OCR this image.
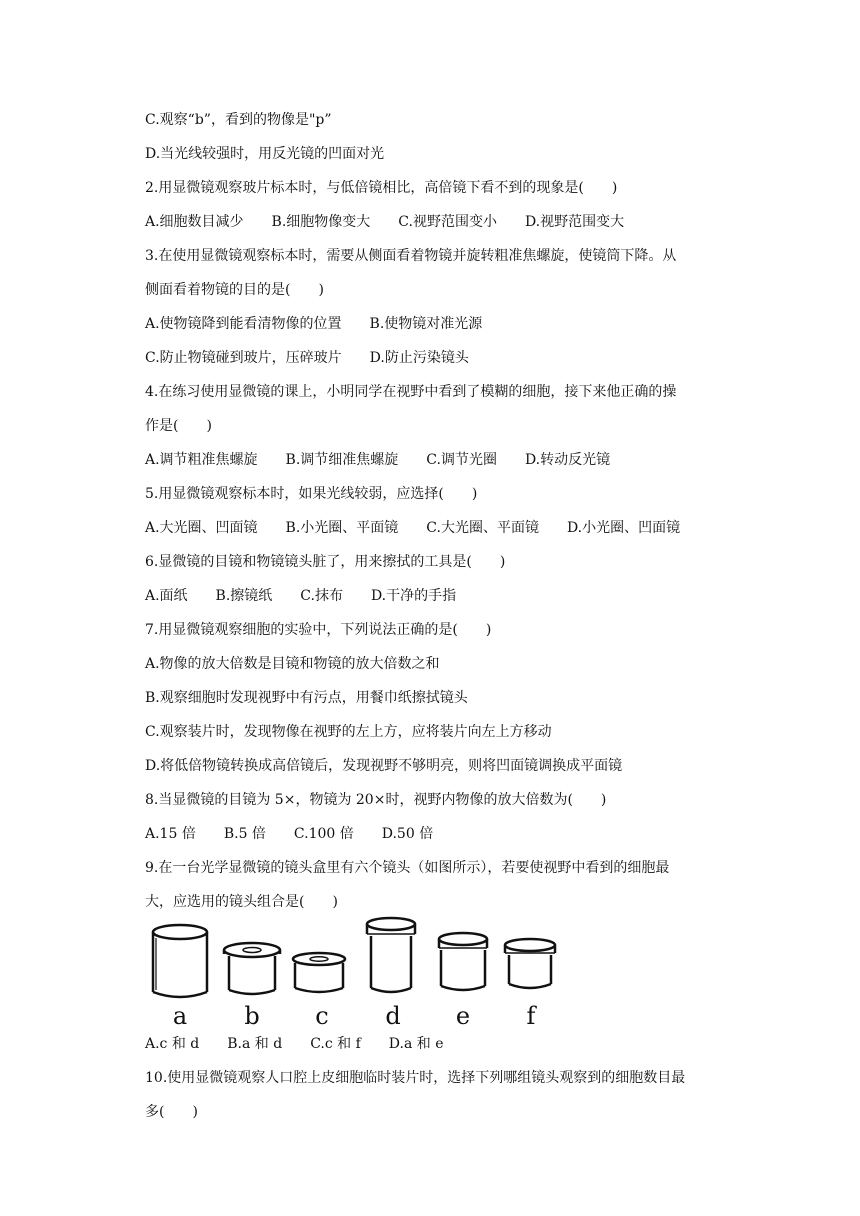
C.观察“b”，看到的物像是"p”
D.当光线较强时，用反光镜的凹面对光
2.用显微镜观察玻片标本时，与低倍镜相比，高倍镜下看不到的现象是(　　)
A.细胞数目减少　　B.细胞物像变大　　C.视野范围变小　　D.视野范围变大
3.在使用显微镜观察标本时，需要从侧面看着物镜并旋转粗准焦螺旋，使镜筒下降。从
侧面看着物镜的目的是(　　)
A.使物镜降到能看清物像的位置　　B.使物镜对准光源
C.防止物镜碰到玻片，压碎玻片　　D.防止污染镜头
4.在练习使用显微镜的课上，小明同学在视野中看到了模糊的细胞，接下来他正确的操
作是(　　)
A.调节粗准焦螺旋　　B.调节细准焦螺旋　　C.调节光圈　　D.转动反光镜
5.用显微镜观察标本时，如果光线较弱，应选择(　　)
A.大光圈、凹面镜　　B.小光圈、平面镜　　C.大光圈、平面镜　　D.小光圈、凹面镜
6.显微镜的目镜和物镜镜头脏了，用来擦拭的工具是(　　)
A.面纸　　B.擦镜纸　　C.抹布　　D.干净的手指
7.用显微镜观察细胞的实验中，下列说法正确的是(　　)
A.物像的放大倍数是目镜和物镜的放大倍数之和
B.观察细胞时发现视野中有污点，用餐巾纸擦拭镜头
C.观察装片时，发现物像在视野的左上方，应将装片向左上方移动
D.将低倍物镜转换成高倍镜后，发现视野不够明亮，则将凹面镜调换成平面镜
8.当显微镜的目镜为 5×，物镜为 20×时，视野内物像的放大倍数为(　　)
A.15 倍　　B.5 倍　　C.100 倍　　D.50 倍
9.在一台光学显微镜的镜头盒里有六个镜头（如图所示），若要使视野中看到的细胞最
大，应选用的镜头组合是(　　)
a b c d e f
A.c 和 d　　B.a 和 d　　C.c 和 f　　D.a 和 e
10.使用显微镜观察人口腔上皮细胞临时装片时，选择下列哪组镜头观察到的细胞数目最
多(　　)
